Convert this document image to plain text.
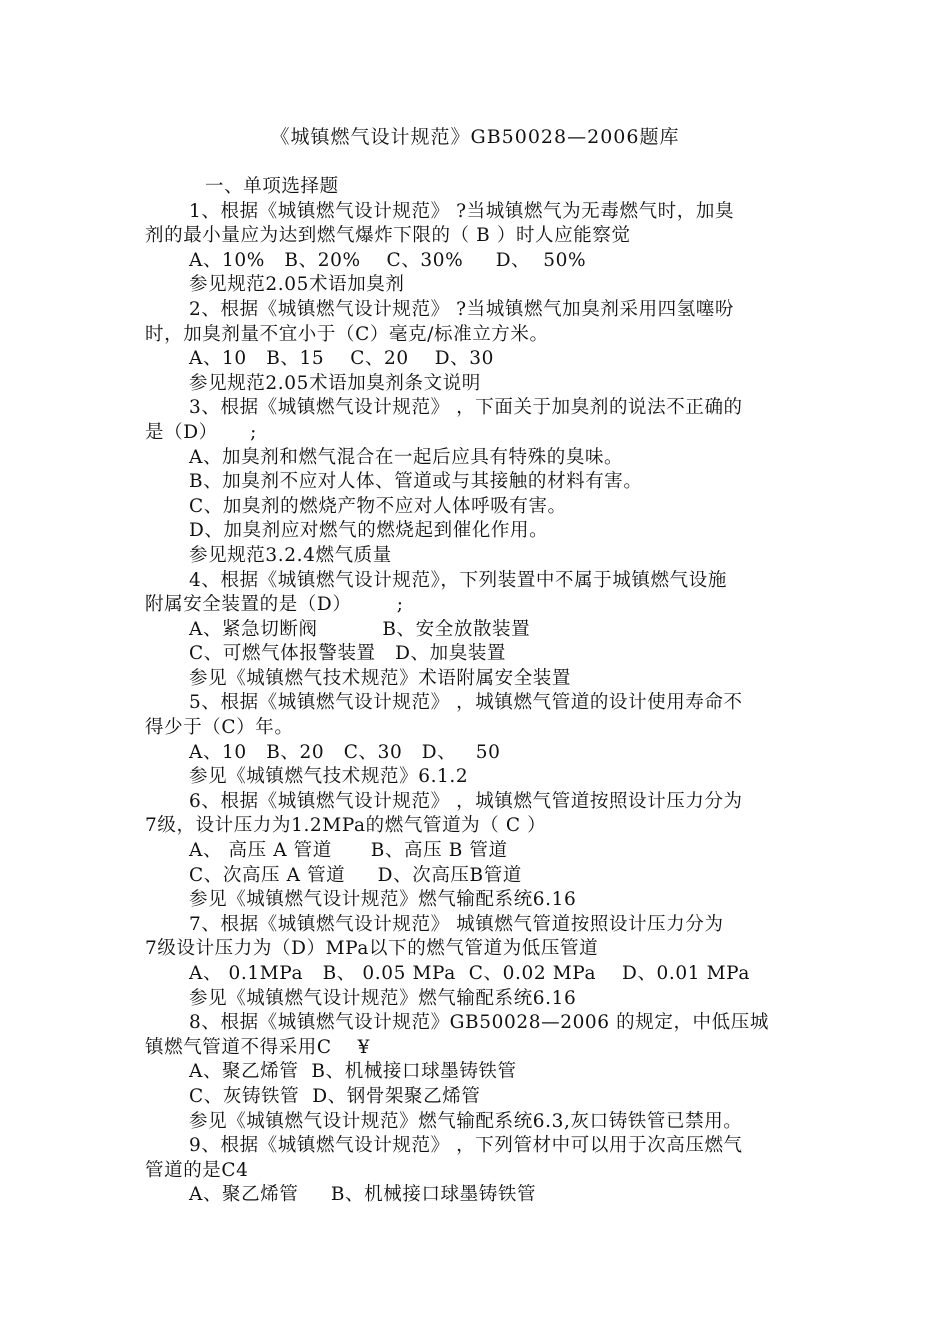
《城镇燃气设计规范》GB50028—2006题库
一、单项选择题
1、根据《城镇燃气设计规范》 ?当城镇燃气为无毒燃气时，加臭
剂的最小量应为达到燃气爆炸下限的（ B ）时人应能察觉
A、10%   B、20%    C、30%     D、  50%
参见规范2.05术语加臭剂
2、根据《城镇燃气设计规范》 ?当城镇燃气加臭剂采用四氢噻吩
时，加臭剂量不宜小于（C）毫克/标准立方米。
A、10   B、15    C、20    D、30
参见规范2.05术语加臭剂条文说明
3、根据《城镇燃气设计规范》 ，下面关于加臭剂的说法不正确的
是（D）     ;
A、加臭剂和燃气混合在一起后应具有特殊的臭味。
B、加臭剂不应对人体、管道或与其接触的材料有害。
C、加臭剂的燃烧产物不应对人体呼吸有害。
D、加臭剂应对燃气的燃烧起到催化作用。
参见规范3.2.4燃气质量
4、根据《城镇燃气设计规范》，下列装置中不属于城镇燃气设施
附属安全装置的是（D）       ;
A、紧急切断阀          B、安全放散装置
C、可燃气体报警装置   D、加臭装置
参见《城镇燃气技术规范》术语附属安全装置
5、根据《城镇燃气设计规范》 ，城镇燃气管道的设计使用寿命不
得少于（C）年。
A、10   B、20   C、30   D、   50
参见《城镇燃气技术规范》6.1.2
6、根据《城镇燃气设计规范》 ，城镇燃气管道按照设计压力分为
7级，设计压力为1.2MPa的燃气管道为（ C ）
A、 高压 A 管道      B、高压 B 管道
C、次高压 A 管道     D、次高压B管道
参见《城镇燃气设计规范》燃气输配系统6.16
7、根据《城镇燃气设计规范》 城镇燃气管道按照设计压力分为
7级设计压力为（D）MPa以下的燃气管道为低压管道
A、 0.1MPa   B、 0.05 MPa  C、0.02 MPa    D、0.01 MPa
参见《城镇燃气设计规范》燃气输配系统6.16
8、根据《城镇燃气设计规范》GB50028—2006 的规定，中低压城
镇燃气管道不得采用C    ¥
A、聚乙烯管  B、机械接口球墨铸铁管
C、灰铸铁管  D、钢骨架聚乙烯管
参见《城镇燃气设计规范》燃气输配系统6.3,灰口铸铁管已禁用。
9、根据《城镇燃气设计规范》 ，下列管材中可以用于次高压燃气
管道的是C4
A、聚乙烯管     B、机械接口球墨铸铁管
